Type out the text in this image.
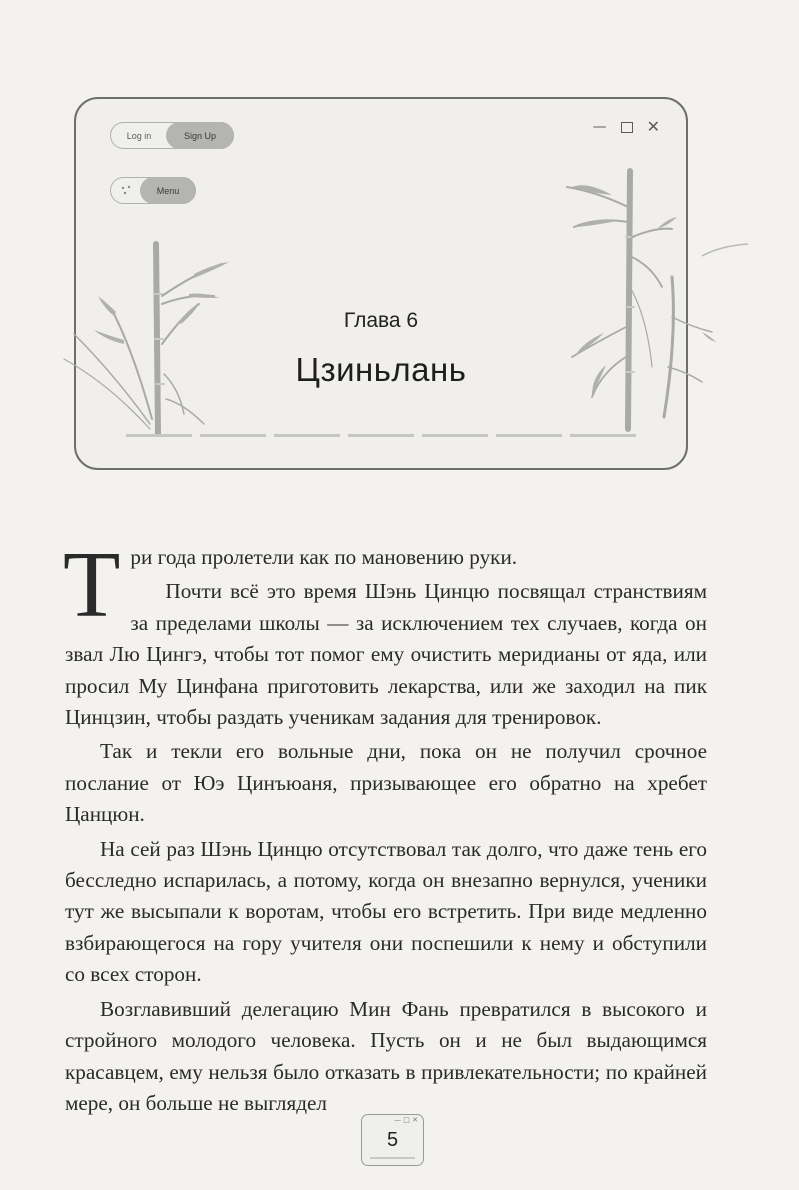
Log in	Sign Up
Menu
—	✕
Глава 6
Цзиньлань
Т ри года пролетели как по мановению руки.

Почти всё это время Шэнь Цинцю посвящал странствиям за пределами школы — за исключением тех случаев, когда он звал Лю Цингэ, чтобы тот помог ему очистить меридианы от яда, или просил Му Цинфана приготовить лекарства, или же заходил на пик Цинцзин, чтобы раздать ученикам задания для тренировок.

Так и текли его вольные дни, пока он не получил срочное послание от Юэ Цинъюаня, призывающее его обратно на хребет Цанцюн.

На сей раз Шэнь Цинцю отсутствовал так долго, что даже тень его бесследно испарилась, а потому, когда он внезапно вернулся, ученики тут же высыпали к воротам, чтобы его встретить. При виде медленно взбирающегося на гору учителя они поспешили к нему и обступили со всех сторон.

Возглавивший делегацию Мин Фань превратился в высокого и стройного молодого человека. Пусть он и не был выдающимся красавцем, ему нельзя было отказать в привлекательности; по крайней мере, он больше не выглядел

— □ ✕
5
